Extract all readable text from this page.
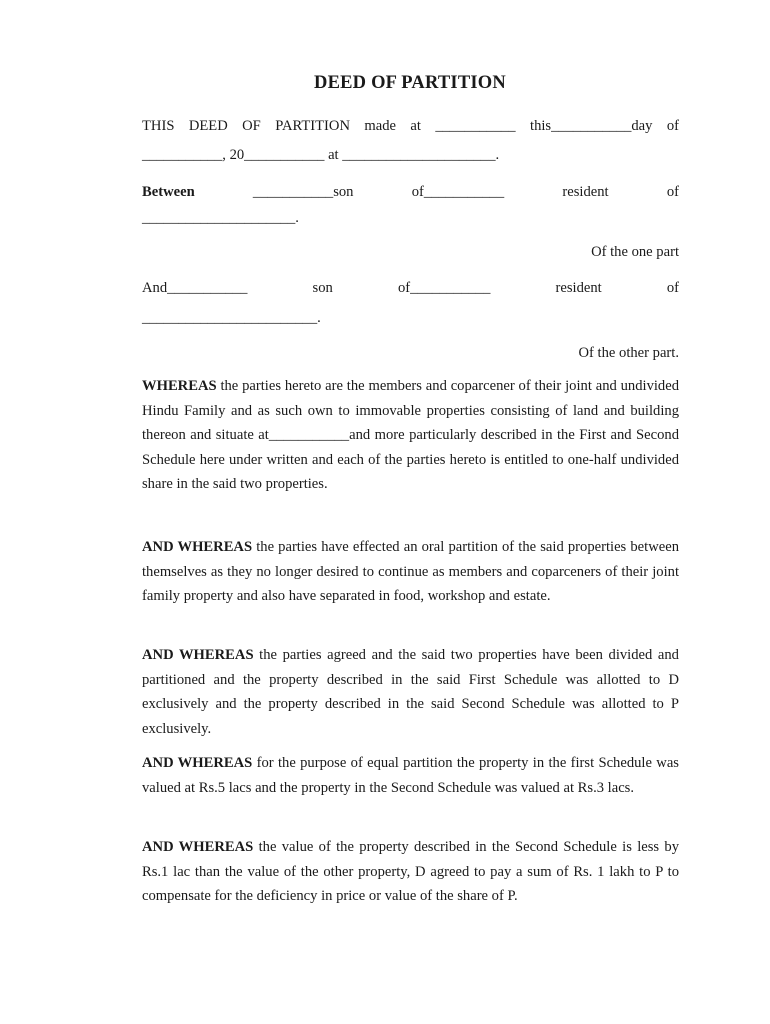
DEED OF PARTITION
THIS DEED OF PARTITION made at ___________ this___________day of
___________, 20___________ at _____________________.
Between	___________son	of___________	resident	of
_____________________.
Of the one part
And___________	son	of___________	resident	of
________________________.
Of the other part.
WHEREAS the parties hereto are the members and coparcener of their joint and undivided Hindu Family and as such own to immovable properties consisting of land and building thereon and situate at___________and more particularly described in the First and Second Schedule here under written and each of the parties hereto is entitled to one-half undivided share in the said two properties.
AND WHEREAS the parties have effected an oral partition of the said properties between themselves as they no longer desired to continue as members and coparceners of their joint family property and also have separated in food, workshop and estate.
AND WHEREAS the parties agreed and the said two properties have been divided and partitioned and the property described in the said First Schedule was allotted to D exclusively and the property described in the said Second Schedule was allotted to P exclusively.
AND WHEREAS for the purpose of equal partition the property in the first Schedule was valued at Rs.5 lacs and the property in the Second Schedule was valued at Rs.3 lacs.
AND WHEREAS the value of the property described in the Second Schedule is less by Rs.1 lac than the value of the other property, D agreed to pay a sum of Rs. 1 lakh to P to compensate for the deficiency in price or value of the share of P.
